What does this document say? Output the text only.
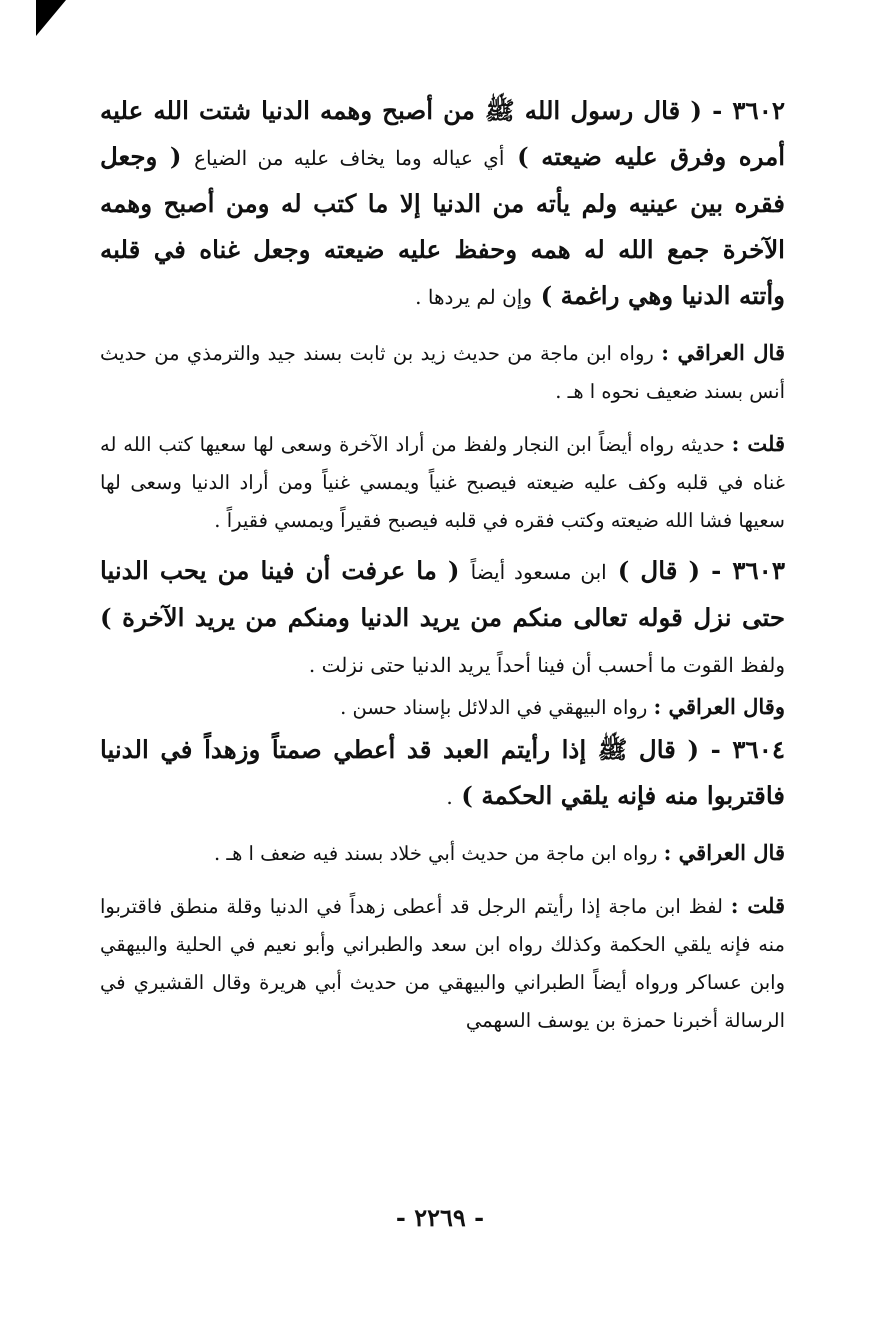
٣٦٠٢ - ( قال رسول الله ﷺ من أصبح وهمه الدنيا شتت الله عليه أمره وفرق عليه ضيعته ) أي عياله وما يخاف عليه من الضياع ( وجعل فقره بين عينيه ولم يأته من الدنيا إلا ما كتب له ومن أصبح وهمه الآخرة جمع الله له همه وحفظ عليه ضيعته وجعل غناه في قلبه وأتته الدنيا وهي راغمة ) وإن لم يردها .

قال العراقي : رواه ابن ماجة من حديث زيد بن ثابت بسند جيد والترمذي من حديث أنس بسند ضعيف نحوه ا هـ .

قلت : حديثه رواه أيضاً ابن النجار ولفظ من أراد الآخرة وسعى لها سعيها كتب الله له غناه في قلبه وكف عليه ضيعته فيصبح غنياً ويمسي غنياً ومن أراد الدنيا وسعى لها سعيها فشا الله ضيعته وكتب فقره في قلبه فيصبح فقيراً ويمسي فقيراً .

٣٦٠٣ - ( قال ) ابن مسعود أيضاً ( ما عرفت أن فينا من يحب الدنيا حتى نزل قوله تعالى منكم من يريد الدنيا ومنكم من يريد الآخرة ) ولفظ القوت ما أحسب أن فينا أحداً يريد الدنيا حتى نزلت .

وقال العراقي : رواه البيهقي في الدلائل بإسناد حسن .

٣٦٠٤ - ( قال ﷺ إذا رأيتم العبد قد أعطي صمتاً وزهداً في الدنيا فاقتربوا منه فإنه يلقي الحكمة ) .

قال العراقي : رواه ابن ماجة من حديث أبي خلاد بسند فيه ضعف ا هـ .

قلت : لفظ ابن ماجة إذا رأيتم الرجل قد أعطى زهداً في الدنيا وقلة منطق فاقتربوا منه فإنه يلقي الحكمة وكذلك رواه ابن سعد والطبراني وأبو نعيم في الحلية والبيهقي وابن عساكر ورواه أيضاً الطبراني والبيهقي من حديث أبي هريرة وقال القشيري في الرسالة أخبرنا حمزة بن يوسف السهمي

- ٢٢٦٩ -
